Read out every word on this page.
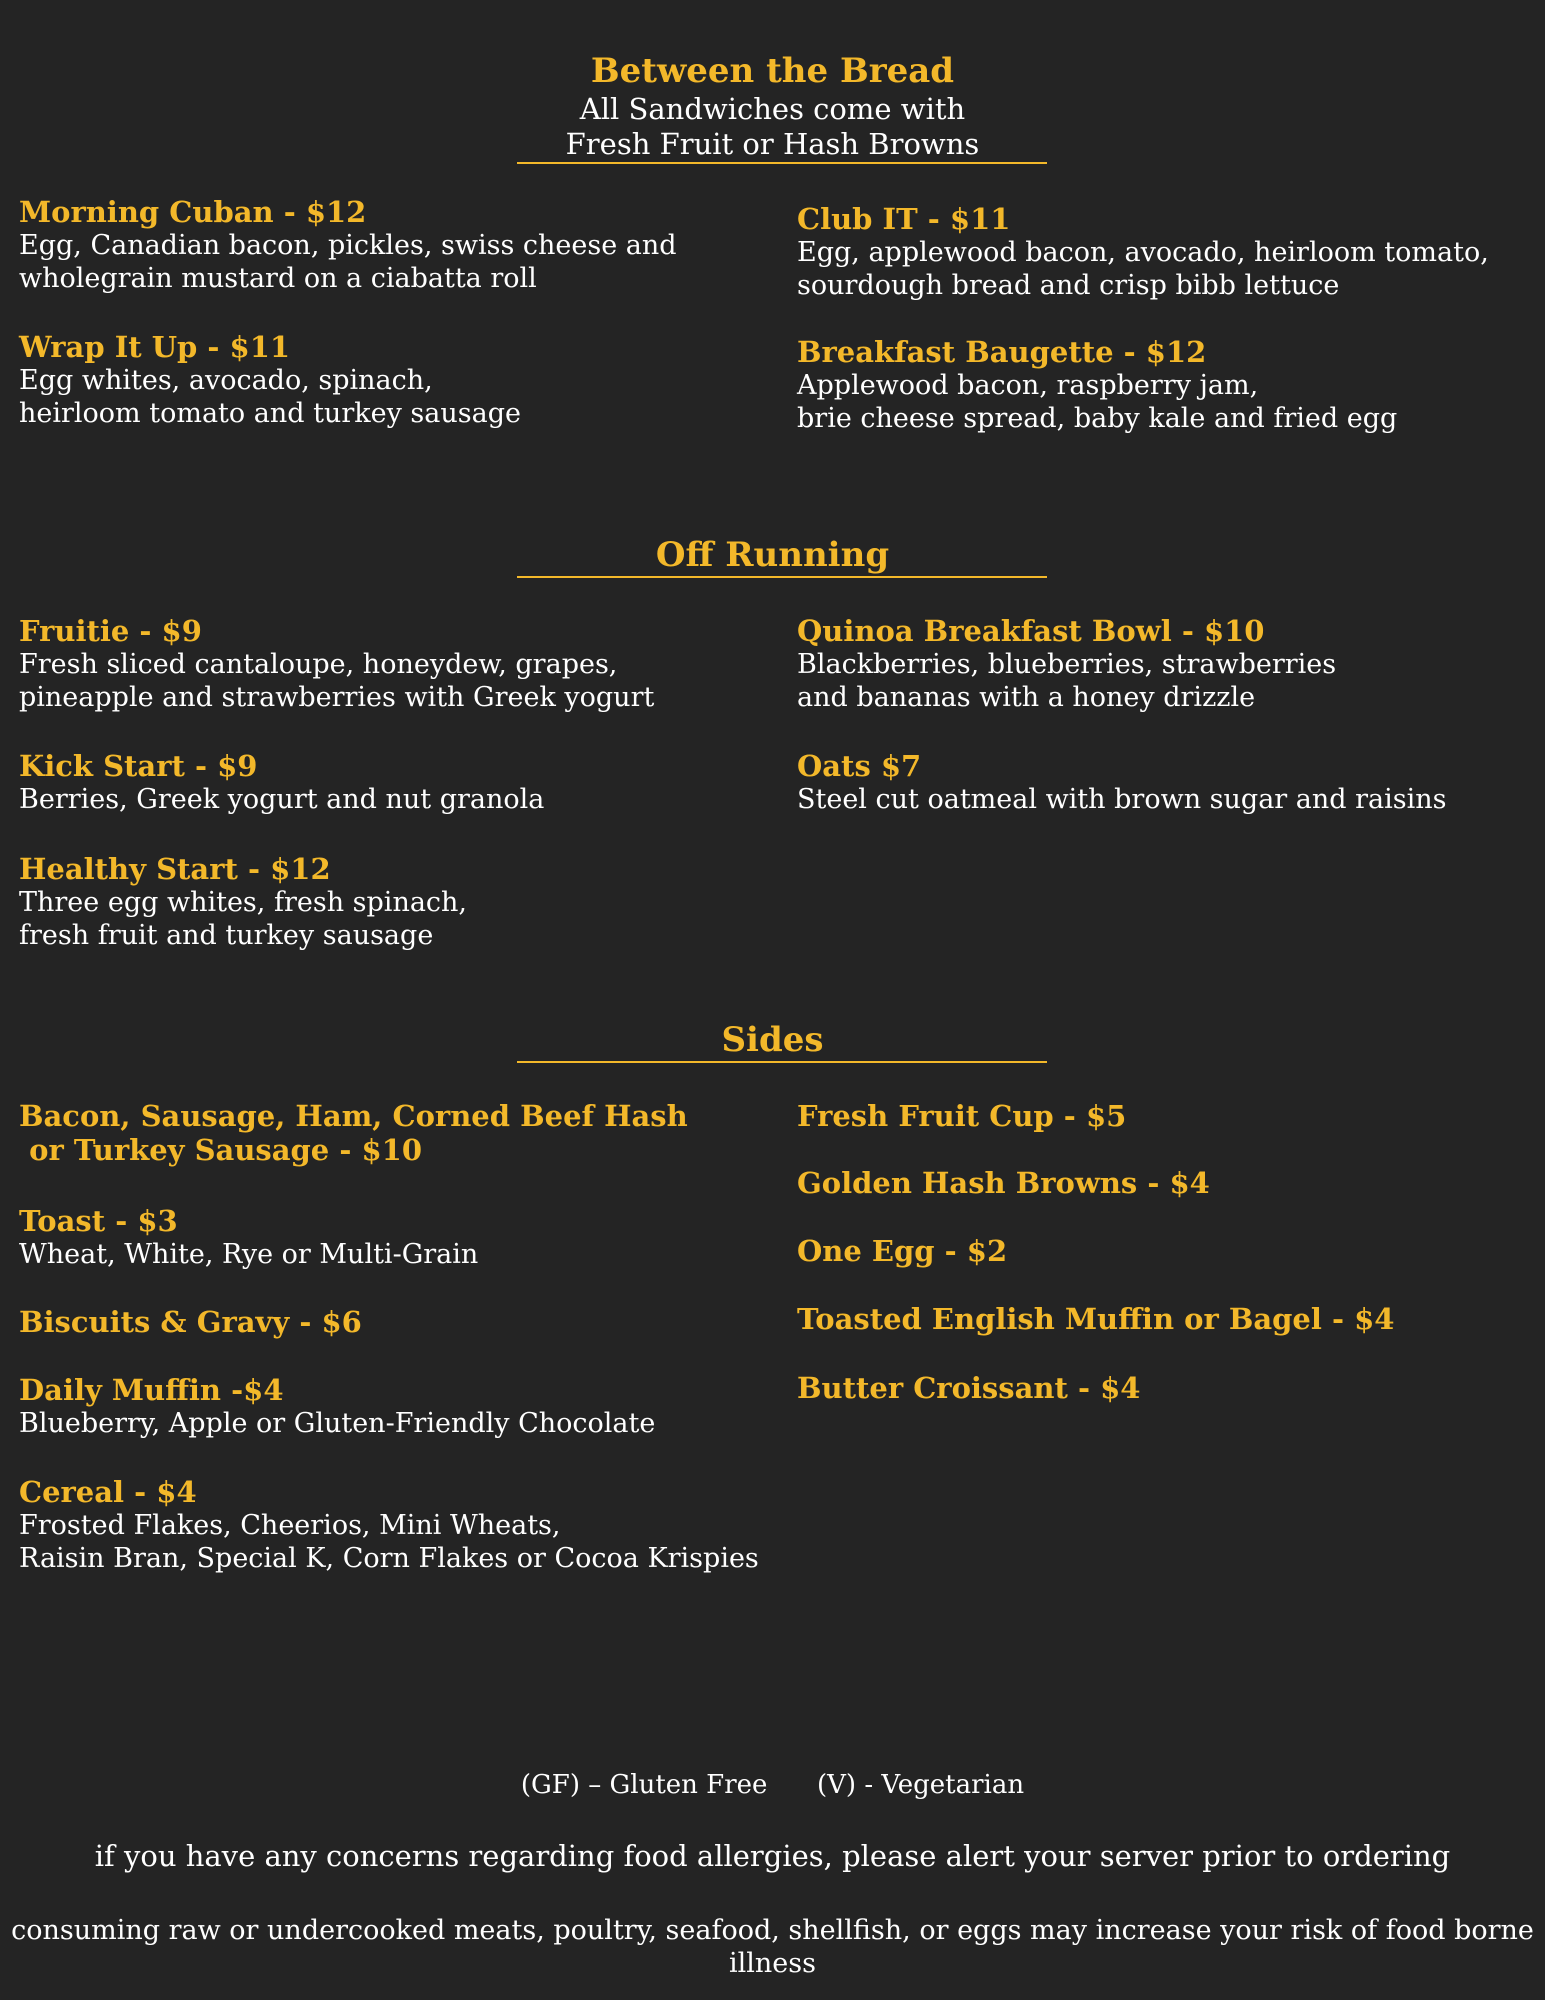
Between the Bread
All Sandwiches come with
Fresh Fruit or Hash Browns
Morning Cuban - $12
Egg, Canadian bacon, pickles, swiss cheese and
wholegrain mustard on a ciabatta roll
Wrap It Up - $11
Egg whites, avocado, spinach,
heirloom tomato and turkey sausage
Club IT - $11
Egg, applewood bacon, avocado, heirloom tomato,
sourdough bread and crisp bibb lettuce
Breakfast Baugette - $12
Applewood bacon, raspberry jam,
brie cheese spread, baby kale and fried egg
Off Running
Fruitie - $9
Fresh sliced cantaloupe, honeydew, grapes,
pineapple and strawberries with Greek yogurt
Kick Start - $9
Berries, Greek yogurt and nut granola
Healthy Start - $12
Three egg whites, fresh spinach,
fresh fruit and turkey sausage
Quinoa Breakfast Bowl - $10
Blackberries, blueberries, strawberries
and bananas with a honey drizzle
Oats $7
Steel cut oatmeal with brown sugar and raisins
Sides
Bacon, Sausage, Ham, Corned Beef Hash
or Turkey Sausage - $10
Toast - $3
Wheat, White, Rye or Multi-Grain
Biscuits & Gravy - $6
Daily Muffin -$4
Blueberry, Apple or Gluten-Friendly Chocolate
Cereal - $4
Frosted Flakes, Cheerios, Mini Wheats,
Raisin Bran, Special K, Corn Flakes or Cocoa Krispies
Fresh Fruit Cup - $5
Golden Hash Browns - $4
One Egg - $2
Toasted English Muffin or Bagel - $4
Butter Croissant - $4
(GF) – Gluten Free      (V) - Vegetarian
if you have any concerns regarding food allergies, please alert your server prior to ordering
consuming raw or undercooked meats, poultry, seafood, shellfish, or eggs may increase your risk of food borne
illness
